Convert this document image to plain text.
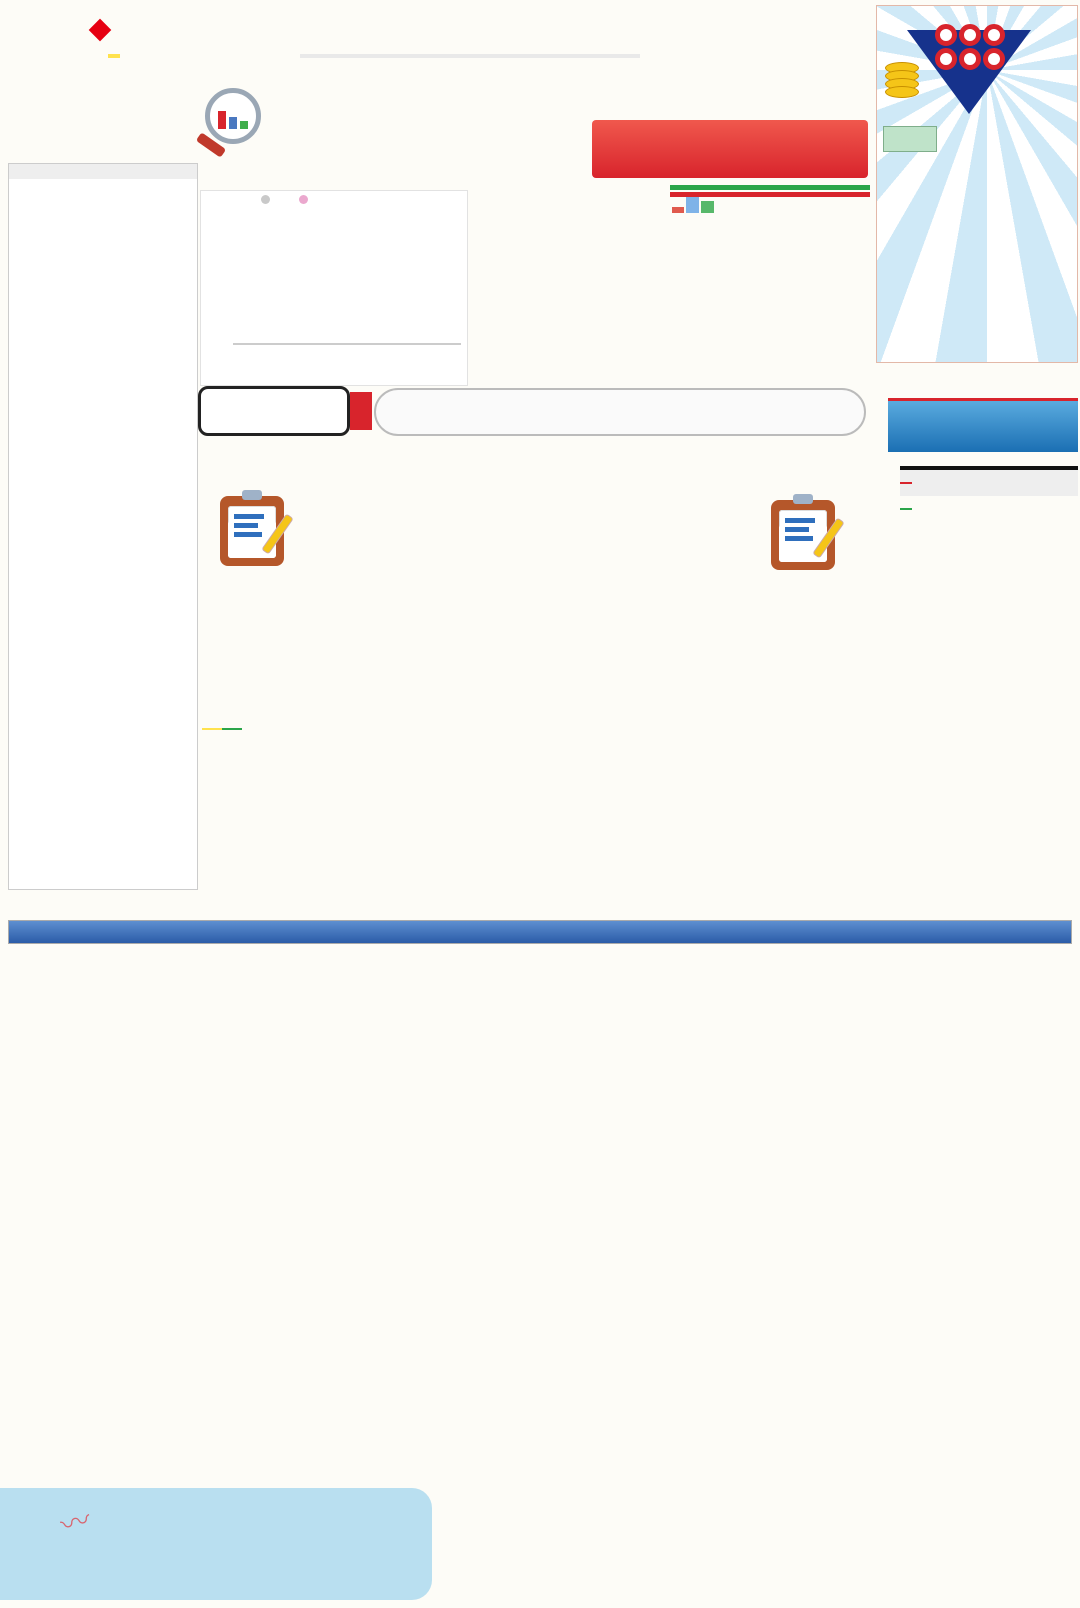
〰
